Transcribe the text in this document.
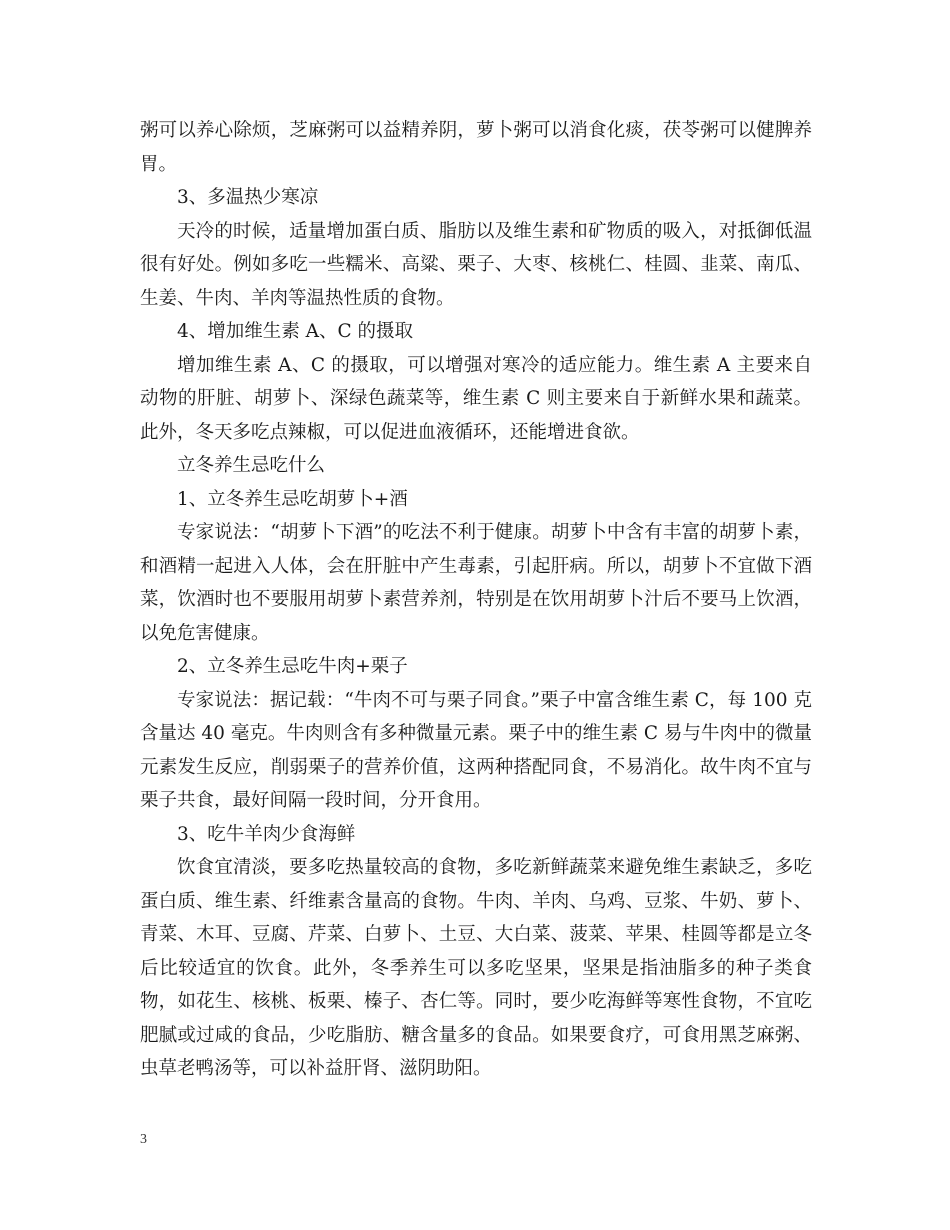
粥可以养心除烦，芝麻粥可以益精养阴，萝卜粥可以消食化痰，茯苓粥可以健脾养胃。

3、多温热少寒凉

天冷的时候，适量增加蛋白质、脂肪以及维生素和矿物质的吸入，对抵御低温很有好处。例如多吃一些糯米、高粱、栗子、大枣、核桃仁、桂圆、韭菜、南瓜、生姜、牛肉、羊肉等温热性质的食物。

4、增加维生素 A、C 的摄取

增加维生素 A、C 的摄取，可以增强对寒冷的适应能力。维生素 A 主要来自动物的肝脏、胡萝卜、深绿色蔬菜等，维生素 C 则主要来自于新鲜水果和蔬菜。此外，冬天多吃点辣椒，可以促进血液循环，还能增进食欲。

立冬养生忌吃什么

1、立冬养生忌吃胡萝卜+酒

专家说法：“胡萝卜下酒”的吃法不利于健康。胡萝卜中含有丰富的胡萝卜素，和酒精一起进入人体，会在肝脏中产生毒素，引起肝病。所以，胡萝卜不宜做下酒菜，饮酒时也不要服用胡萝卜素营养剂，特别是在饮用胡萝卜汁后不要马上饮酒，以免危害健康。

2、立冬养生忌吃牛肉+栗子

专家说法：据记载：“牛肉不可与栗子同食。”栗子中富含维生素 C，每 100 克含量达 40 毫克。牛肉则含有多种微量元素。栗子中的维生素 C 易与牛肉中的微量元素发生反应，削弱栗子的营养价值，这两种搭配同食，不易消化。故牛肉不宜与栗子共食，最好间隔一段时间，分开食用。

3、吃牛羊肉少食海鲜

饮食宜清淡，要多吃热量较高的食物，多吃新鲜蔬菜来避免维生素缺乏，多吃蛋白质、维生素、纤维素含量高的食物。牛肉、羊肉、乌鸡、豆浆、牛奶、萝卜、青菜、木耳、豆腐、芹菜、白萝卜、土豆、大白菜、菠菜、苹果、桂圆等都是立冬后比较适宜的饮食。此外，冬季养生可以多吃坚果，坚果是指油脂多的种子类食物，如花生、核桃、板栗、榛子、杏仁等。同时，要少吃海鲜等寒性食物，不宜吃肥腻或过咸的食品，少吃脂肪、糖含量多的食品。如果要食疗，可食用黑芝麻粥、虫草老鸭汤等，可以补益肝肾、滋阴助阳。

3
